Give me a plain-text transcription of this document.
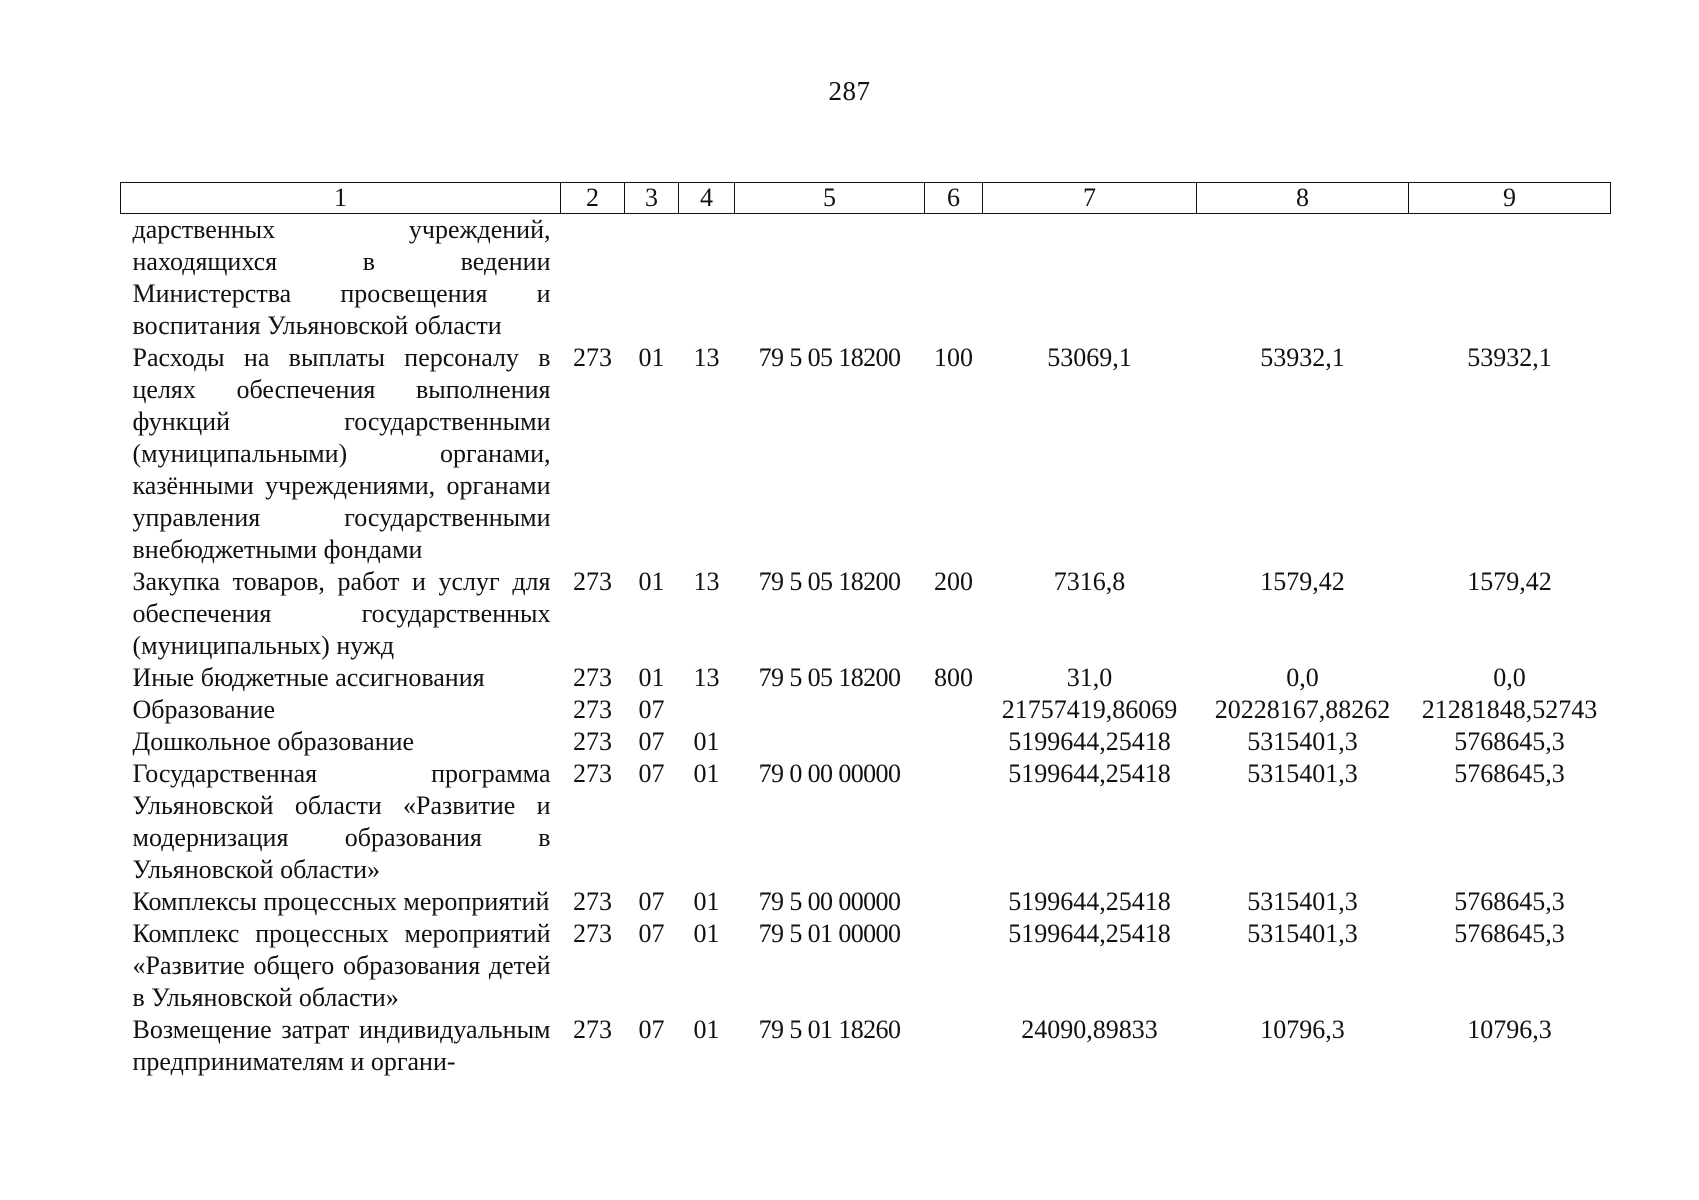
287
1	2	3	4	5	6	7	8	9
дарственных учреждений, находящихся в ведении Министерства просвещения и воспитания Ульяновской области								
Расходы на выплаты персоналу в целях обеспечения выполнения функций государственными (муниципальными) органами, казёнными учреждениями, органами управления государственными внебюджетными фондами	273	01	13	79 5 05 18200	100	53069,1	53932,1	53932,1
Закупка товаров, работ и услуг для обеспечения государственных (муниципальных) нужд	273	01	13	79 5 05 18200	200	7316,8	1579,42	1579,42
Иные бюджетные ассигнования	273	01	13	79 5 05 18200	800	31,0	0,0	0,0
Образование	273	07				21757419,86069	20228167,88262	21281848,52743
Дошкольное образование	273	07	01			5199644,25418	5315401,3	5768645,3
Государственная программа Ульяновской области «Развитие и модернизация образования в Ульяновской области»	273	07	01	79 0 00 00000		5199644,25418	5315401,3	5768645,3
Комплексы процессных мероприятий	273	07	01	79 5 00 00000		5199644,25418	5315401,3	5768645,3
Комплекс процессных мероприятий «Развитие общего образования детей в Ульяновской области»	273	07	01	79 5 01 00000		5199644,25418	5315401,3	5768645,3
Возмещение затрат индивидуальным предпринимателям и органи-	273	07	01	79 5 01 18260		24090,89833	10796,3	10796,3
